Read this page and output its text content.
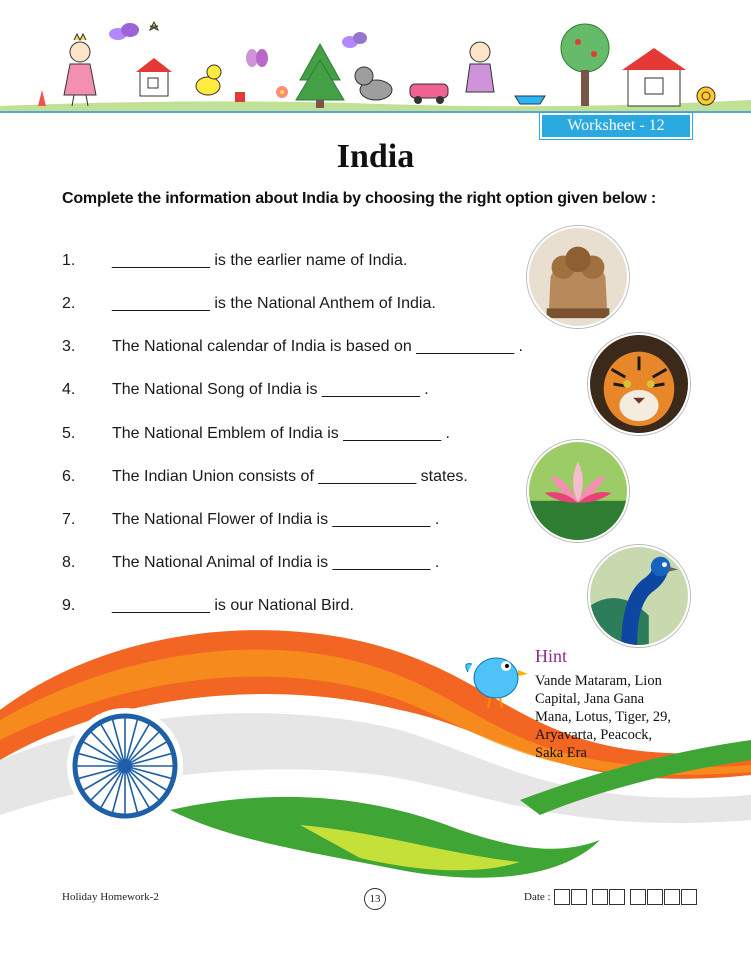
Worksheet - 12
India
Complete the information about India by choosing the right option given below :
1.	___________ is the earlier name of India.
2.	___________ is the National Anthem of India.
3.	The National calendar of India is based on ___________ .
4.	The National Song of India is ___________ .
5.	The National Emblem of India is ___________ .
6.	The Indian Union consists of ___________ states.
7.	The National Flower of India is ___________ .
8.	The National Animal of India is ___________ .
9.	___________ is our National Bird.
Hint
Vande Mataram, Lion
Capital, Jana Gana
Mana, Lotus, Tiger, 29,
Aryavarta, Peacock,
Saka Era
Holiday Homework-2	13	Date :
